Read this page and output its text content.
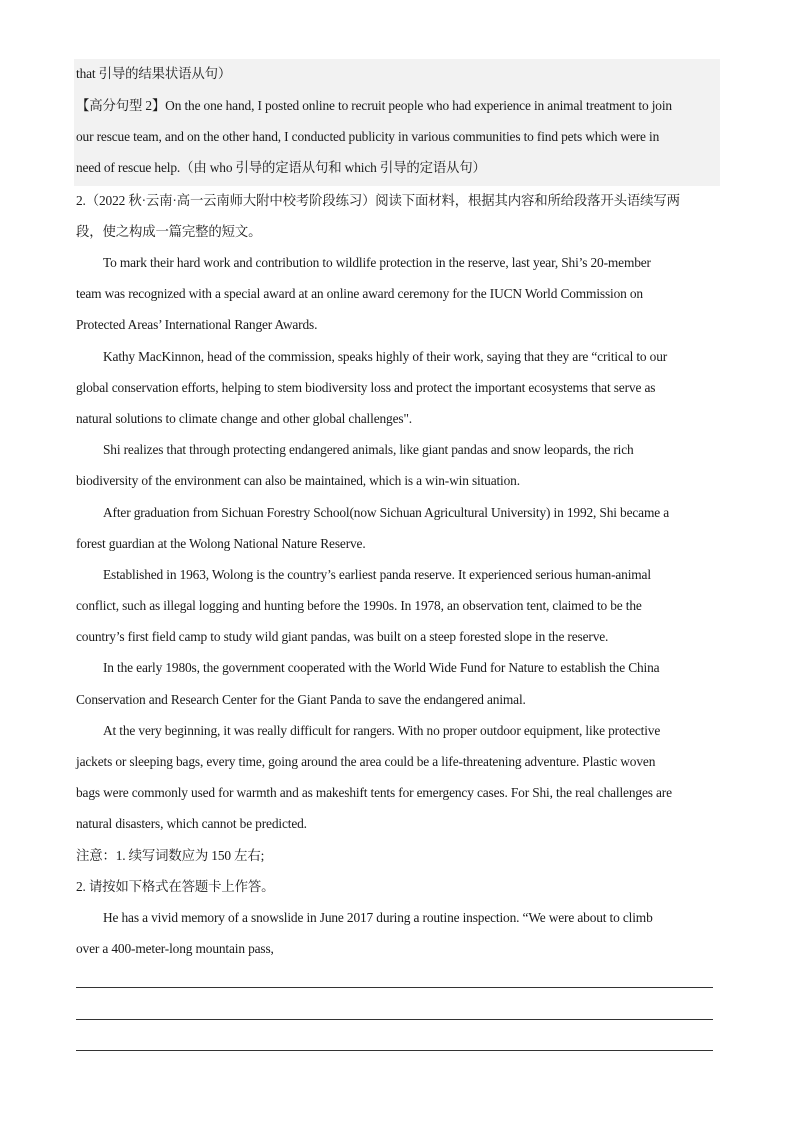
that 引导的结果状语从句）
【高分句型 2】On the one hand, I posted online to recruit people who had experience in animal treatment to join
our rescue team, and on the other hand, I conducted publicity in various communities to find pets which were in
need of rescue help.（由 who 引导的定语从句和 which 引导的定语从句）
2.（2022 秋·云南·高一云南师大附中校考阶段练习）阅读下面材料，根据其内容和所给段落开头语续写两
段，使之构成一篇完整的短文。
To mark their hard work and contribution to wildlife protection in the reserve, last year, Shi’s 20-member
team was recognized with a special award at an online award ceremony for the IUCN World Commission on
Protected Areas’ International Ranger Awards.
Kathy MacKinnon, head of the commission, speaks highly of their work, saying that they are “critical to our
global conservation efforts, helping to stem biodiversity loss and protect the important ecosystems that serve as
natural solutions to climate change and other global challenges".
Shi realizes that through protecting endangered animals, like giant pandas and snow leopards, the rich
biodiversity of the environment can also be maintained, which is a win-win situation.
After graduation from Sichuan Forestry School(now Sichuan Agricultural University) in 1992, Shi became a
forest guardian at the Wolong National Nature Reserve.
Established in 1963, Wolong is the country’s earliest panda reserve. It experienced serious human-animal
conflict, such as illegal logging and hunting before the 1990s. In 1978, an observation tent, claimed to be the
country’s first field camp to study wild giant pandas, was built on a steep forested slope in the reserve.
In the early 1980s, the government cooperated with the World Wide Fund for Nature to establish the China
Conservation and Research Center for the Giant Panda to save the endangered animal.
At the very beginning, it was really difficult for rangers. With no proper outdoor equipment, like protective
jackets or sleeping bags, every time, going around the area could be a life-threatening adventure. Plastic woven
bags were commonly used for warmth and as makeshift tents for emergency cases. For Shi, the real challenges are
natural disasters, which cannot be predicted.
注意：1. 续写词数应为 150 左右;
2. 请按如下格式在答题卡上作答。
He has a vivid memory of a snowslide in June 2017 during a routine inspection. “We were about to climb
over a 400-meter-long mountain pass,
